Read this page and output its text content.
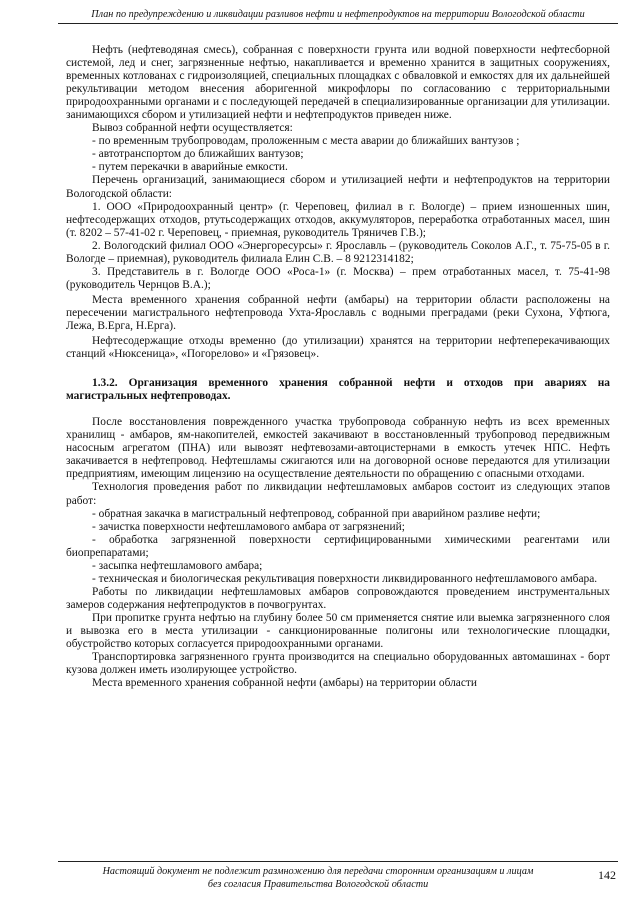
План по предупреждению и ликвидации разливов нефти и нефтепродуктов на территории Вологодской области

Нефть (нефтеводяная смесь), собранная с поверхности грунта или водной поверхности нефтесборной системой, лед и снег, загрязненные нефтью, накапливается и временно хранится в защитных сооружениях, временных котлованах с гидроизоляцией, специальных площадках с обваловкой и емкостях для их дальнейшей рекультивации методом внесения аборигенной микрофлоры по согласованию с территориальными природоохранными органами и с последующей передачей в специализированные организации для утилизации. занимающихся сбором и утилизацией нефти и нефтепродуктов приведен ниже.

Вывоз собранной нефти осуществляется:

- по временным трубопроводам, проложенным с места аварии до ближайших вантузов ;

- автотранспортом до ближайших вантузов;

- путем перекачки в аварийные емкости.

Перечень организаций, занимающиеся сбором и утилизацией нефти и нефтепродуктов на территории Вологодской области:

1. ООО «Природоохранный центр» (г. Череповец, филиал в г. Вологде) – прием изношенных шин, нефтесодержащих отходов, ртутьсодержащих отходов, аккумуляторов, переработка отработанных масел, шин (т. 8202 – 57-41-02 г. Череповец, - приемная, руководитель Тряничев Г.В.);

2. Вологодский филиал ООО «Энергоресурсы» г. Ярославль – (руководитель Соколов А.Г., т. 75-75-05 в г. Вологде – приемная), руководитель филиала Елин С.В. – 8 9212314182;

3. Представитель в г. Вологде ООО «Роса-1» (г. Москва) – прем отработанных масел, т. 75-41-98 (руководитель Чернцов В.А.);

Места временного хранения собранной нефти (амбары) на территории области расположены на пересечении магистрального нефтепровода Ухта-Ярославль с водными преградами (реки Сухона, Уфтюга, Лежа, В.Ерга, Н.Ерга).

Нефтесодержащие отходы временно (до утилизации) хранятся на территории нефтеперекачивающих станций «Нюксеница», «Погорелово» и «Грязовец».

1.3.2. Организация временного хранения собранной нефти и отходов при авариях на магистральных нефтепроводах.

После восстановления поврежденного участка трубопровода собранную нефть из всех временных хранилищ - амбаров, ям-накопителей, емкостей закачивают в восстановленный трубопровод передвижным насосным агрегатом (ПНА) или вывозят нефтевозами-автоцистернами в емкость утечек НПС. Нефть закачивается в нефтепровод. Нефтешламы сжигаются или на договорной основе передаются для утилизации предприятиям, имеющим лицензию на осуществление деятельности по обращению с опасными отходами.

Технология проведения работ по ликвидации нефтешламовых амбаров состоит из следующих этапов работ:

- обратная закачка в магистральный нефтепровод, собранной при аварийном разливе нефти;

- зачистка поверхности нефтешламового амбара от загрязнений;

- обработка загрязненной поверхности сертифицированными химическими реагентами или биопрепаратами;

- засыпка нефтешламового амбара;

- техническая и биологическая рекультивация поверхности ликвидированного нефтешламового амбара.

Работы по ликвидации нефтешламовых амбаров сопровождаются проведением инструментальных замеров содержания нефтепродуктов в почвогрунтах.

При пропитке грунта нефтью на глубину более 50 см применяется снятие или выемка загрязненного слоя и вывозка его в места утилизации - санкционированные полигоны или технологические площадки, обустройство которых согласуется природоохранными органами.

Транспортировка загрязненного грунта производится на специально оборудованных автомашинах - борт кузова должен иметь изолирующее устройство.

Места временного хранения собранной нефти (амбары) на территории области

Настоящий документ не подлежит размножению для передачи сторонним организациям и лицам
без согласия Правительства Вологодской области
142
